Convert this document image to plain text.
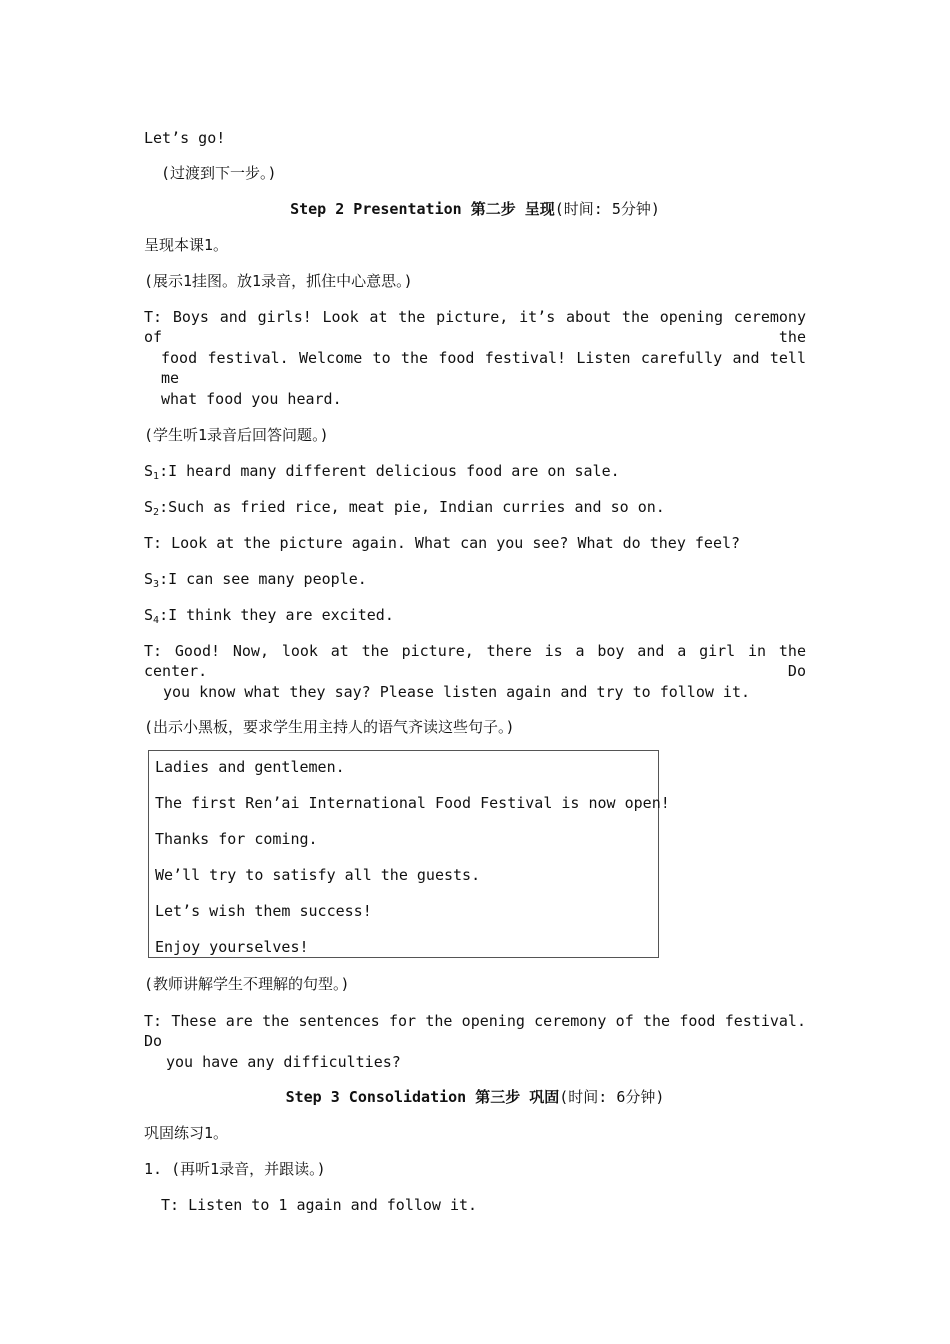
Let’s go!
(过渡到下一步。)
Step 2 Presentation 第二步 呈现(时间: 5分钟)
呈现本课1。
(展示1挂图。放1录音，抓住中心意思。)
T: Boys and girls! Look at the picture, it’s about the opening ceremony of the
food festival. Welcome to the food festival! Listen carefully and tell me
what food you heard.
(学生听1录音后回答问题。)
$S_1:I$ heard many different delicious food are on sale.
$S_2:Such$ as fried rice, meat pie, Indian curries and so on.
T: Look at the picture again. What can you see? What do they feel?
$S_3:I$ can see many people.
$S_4:I$ think they are excited.
T: Good! Now, look at the picture, there is a boy and a girl in the center. Do
you know what they say? Please listen again and try to follow it.
(出示小黑板，要求学生用主持人的语气齐读这些句子。)
Ladies and gentlemen.
The first Ren’ai International Food Festival is now open!
Thanks for coming.
We’ll try to satisfy all the guests.
Let’s wish them success!
Enjoy yourselves!
(教师讲解学生不理解的句型。)
T: These are the sentences for the opening ceremony of the food festival. Do
you have any difficulties?
Step 3 Consolidation 第三步 巩固(时间: 6分钟)
巩固练习1。
1. (再听1录音，并跟读。)
T: Listen to 1 again and follow it.
